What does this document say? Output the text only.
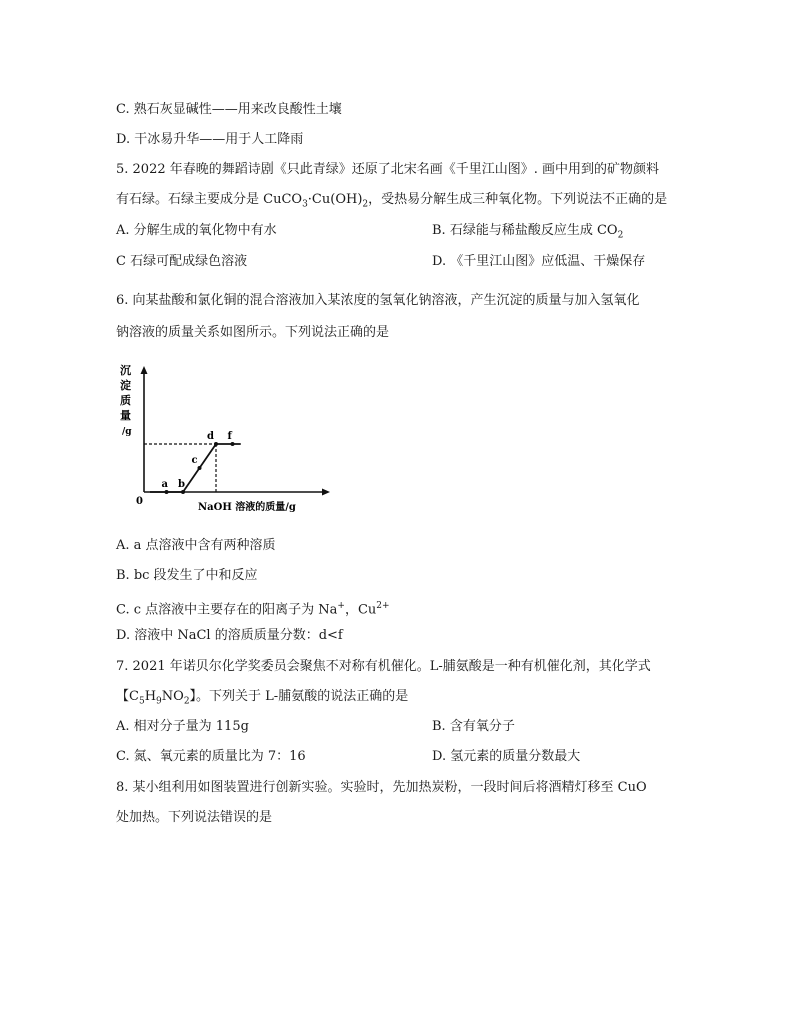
C. 熟石灰显碱性——用来改良酸性土壤
D. 干冰易升华——用于人工降雨
5. 2022 年春晚的舞蹈诗剧《只此青绿》还原了北宋名画《千里江山图》. 画中用到的矿物颜料
有石绿。石绿主要成分是 $CuCO_3\cdot Cu(OH)_2$，受热易分解生成三种氧化物。下列说法不正确的是
A. 分解生成的氧化物中有水	B. 石绿能与稀盐酸反应生成 $CO_2$
C 石绿可配成绿色溶液	D. 《千里江山图》应低温、干燥保存
6. 向某盐酸和氯化铜的混合溶液加入某浓度的氢氧化钠溶液，产生沉淀的质量与加入氢氧化
钠溶液的质量关系如图所示。下列说法正确的是
沉
淀
质
量
/g
a b
c
d f
0
NaOH 溶液的质量/g
A. a 点溶液中含有两种溶质
B. bc 段发生了中和反应
C. c 点溶液中主要存在的阳离子为 Na+，$Cu^{2+}$
D. 溶液中 NaCl 的溶质质量分数：d<f
7. 2021 年诺贝尔化学奖委员会聚焦不对称有机催化。L-脯氨酸是一种有机催化剂，其化学式
【$C_5H_9NO_2$】。下列关于 L-脯氨酸的说法正确的是
A. 相对分子量为 115g	B. 含有氧分子
C. 氮、氧元素的质量比为 7：16	D. 氢元素的质量分数最大
8. 某小组利用如图装置进行创新实验。实验时，先加热炭粉，一段时间后将酒精灯移至 CuO
处加热。下列说法错误的是
